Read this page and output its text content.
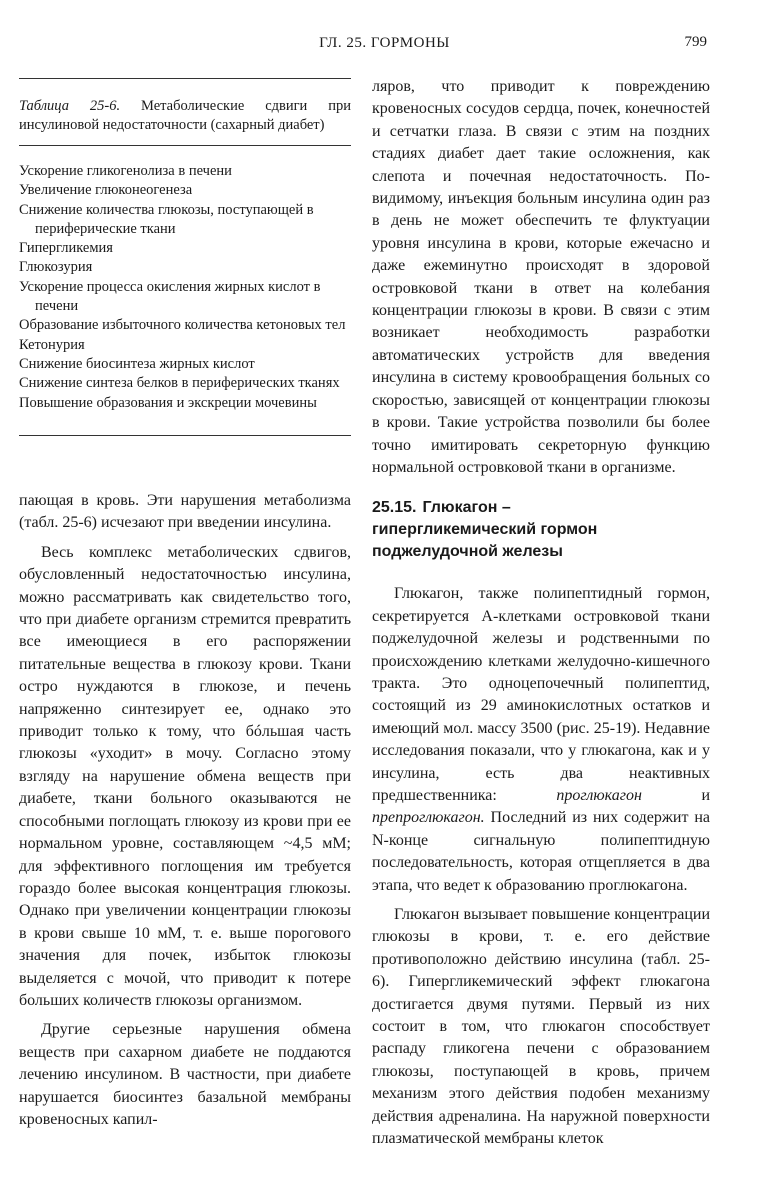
ГЛ. 25. ГОРМОНЫ	799
Таблица 25-6. Метаболические сдвиги при инсулиновой недостаточности (сахарный диабет)
Ускорение гликогенолиза в печени
Увеличение глюконеогенеза
Снижение количества глюкозы, поступающей в периферические ткани
Гипергликемия
Глюкозурия
Ускорение процесса окисления жирных кислот в печени
Образование избыточного количества кетоновых тел
Кетонурия
Снижение биосинтеза жирных кислот
Снижение синтеза белков в периферических тканях
Повышение образования и экскреции мочевины

пающая в кровь. Эти нарушения метаболизма (табл. 25-6) исчезают при введении инсулина.

Весь комплекс метаболических сдвигов, обусловленный недостаточностью инсулина, можно рассматривать как свидетельство того, что при диабете организм стремится превратить все имеющиеся в его распоряжении питательные вещества в глюкозу крови. Ткани остро нуждаются в глюкозе, и печень напряженно синтезирует ее, однако это приводит только к тому, что бóльшая часть глюкозы «уходит» в мочу. Согласно этому взгляду на нарушение обмена веществ при диабете, ткани больного оказываются не способными поглощать глюкозу из крови при ее нормальном уровне, составляющем ~4,5 мМ; для эффективного поглощения им требуется гораздо более высокая концентрация глюкозы. Однако при увеличении концентрации глюкозы в крови свыше 10 мМ, т. е. выше порогового значения для почек, избыток глюкозы выделяется с мочой, что приводит к потере больших количеств глюкозы организмом.

Другие серьезные нарушения обмена веществ при сахарном диабете не поддаются лечению инсулином. В частности, при диабете нарушается биосинтез базальной мембраны кровеносных капил-

ляров, что приводит к повреждению кровеносных сосудов сердца, почек, конечностей и сетчатки глаза. В связи с этим на поздних стадиях диабет дает такие осложнения, как слепота и почечная недостаточность. По-видимому, инъекция больным инсулина один раз в день не может обеспечить те флуктуации уровня инсулина в крови, которые ежечасно и даже ежеминутно происходят в здоровой островковой ткани в ответ на колебания концентрации глюкозы в крови. В связи с этим возникает необходимость разработки автоматических устройств для введения инсулина в систему кровообращения больных со скоростью, зависящей от концентрации глюкозы в крови. Такие устройства позволили бы более точно имитировать секреторную функцию нормальной островковой ткани в организме.

25.15. Глюкагон –
гипергликемический гормон
поджелудочной железы

Глюкагон, также полипептидный гормон, секретируется А-клетками островковой ткани поджелудочной железы и родственными по происхождению клетками желудочно-кишечного тракта. Это одноцепочечный полипептид, состоящий из 29 аминокислотных остатков и имеющий мол. массу 3500 (рис. 25-19). Недавние исследования показали, что у глюкагона, как и у инсулина, есть два неактивных предшественника:	проглюкагон	и препроглюкагон. Последний из них содержит на N-конце сигнальную полипептидную последовательность, которая отщепляется в два этапа, что ведет к образованию проглюкагона.

Глюкагон вызывает повышение концентрации глюкозы в крови, т. е. его действие противоположно действию инсулина (табл. 25-6). Гипергликемический эффект глюкагона достигается двумя путями. Первый из них состоит в том, что глюкагон способствует распаду гликогена печени с образованием глюкозы, поступающей в кровь, причем механизм этого действия подобен механизму действия адреналина. На наружной поверхности плазматической мембраны клеток
